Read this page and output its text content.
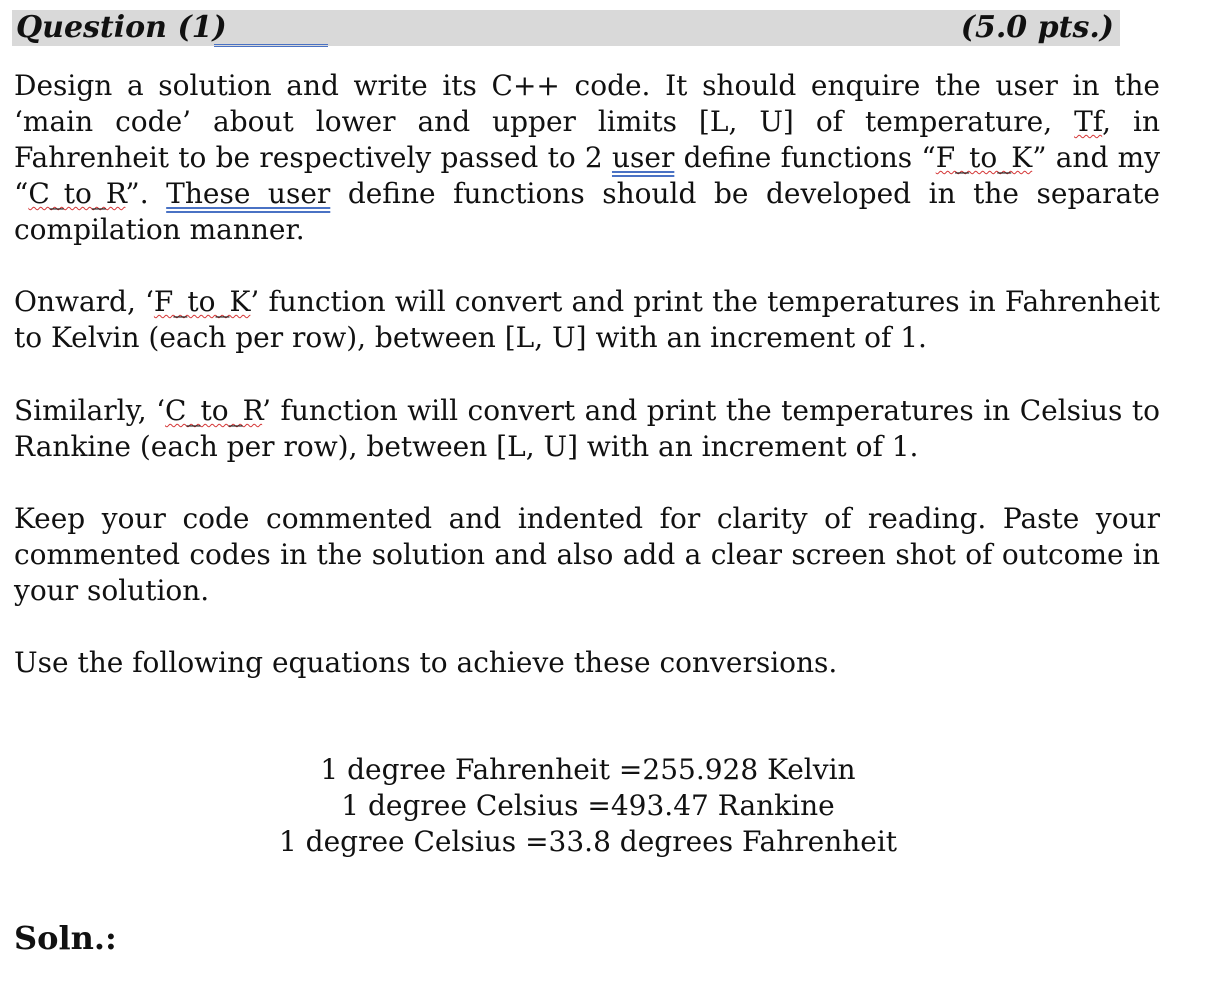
Question (1)	(5.0 pts.)

Design a solution and write its C++ code. It should enquire the user in the ‘main code’ about lower and upper limits [L, U] of temperature, Tf, in Fahrenheit to be respectively passed to 2 user define functions “F_to_K” and my “C_to_R”. These user define functions should be developed in the separate compilation manner.

Onward, ‘F_to_K’ function will convert and print the temperatures in Fahrenheit to Kelvin (each per row), between [L, U] with an increment of 1.

Similarly, ‘C_to_R’ function will convert and print the temperatures in Celsius to Rankine (each per row), between [L, U] with an increment of 1.

Keep your code commented and indented for clarity of reading. Paste your commented codes in the solution and also add a clear screen shot of outcome in your solution.

Use the following equations to achieve these conversions.

1 degree Fahrenheit =255.928 Kelvin
1 degree Celsius =493.47 Rankine
1 degree Celsius =33.8 degrees Fahrenheit
Soln.:
